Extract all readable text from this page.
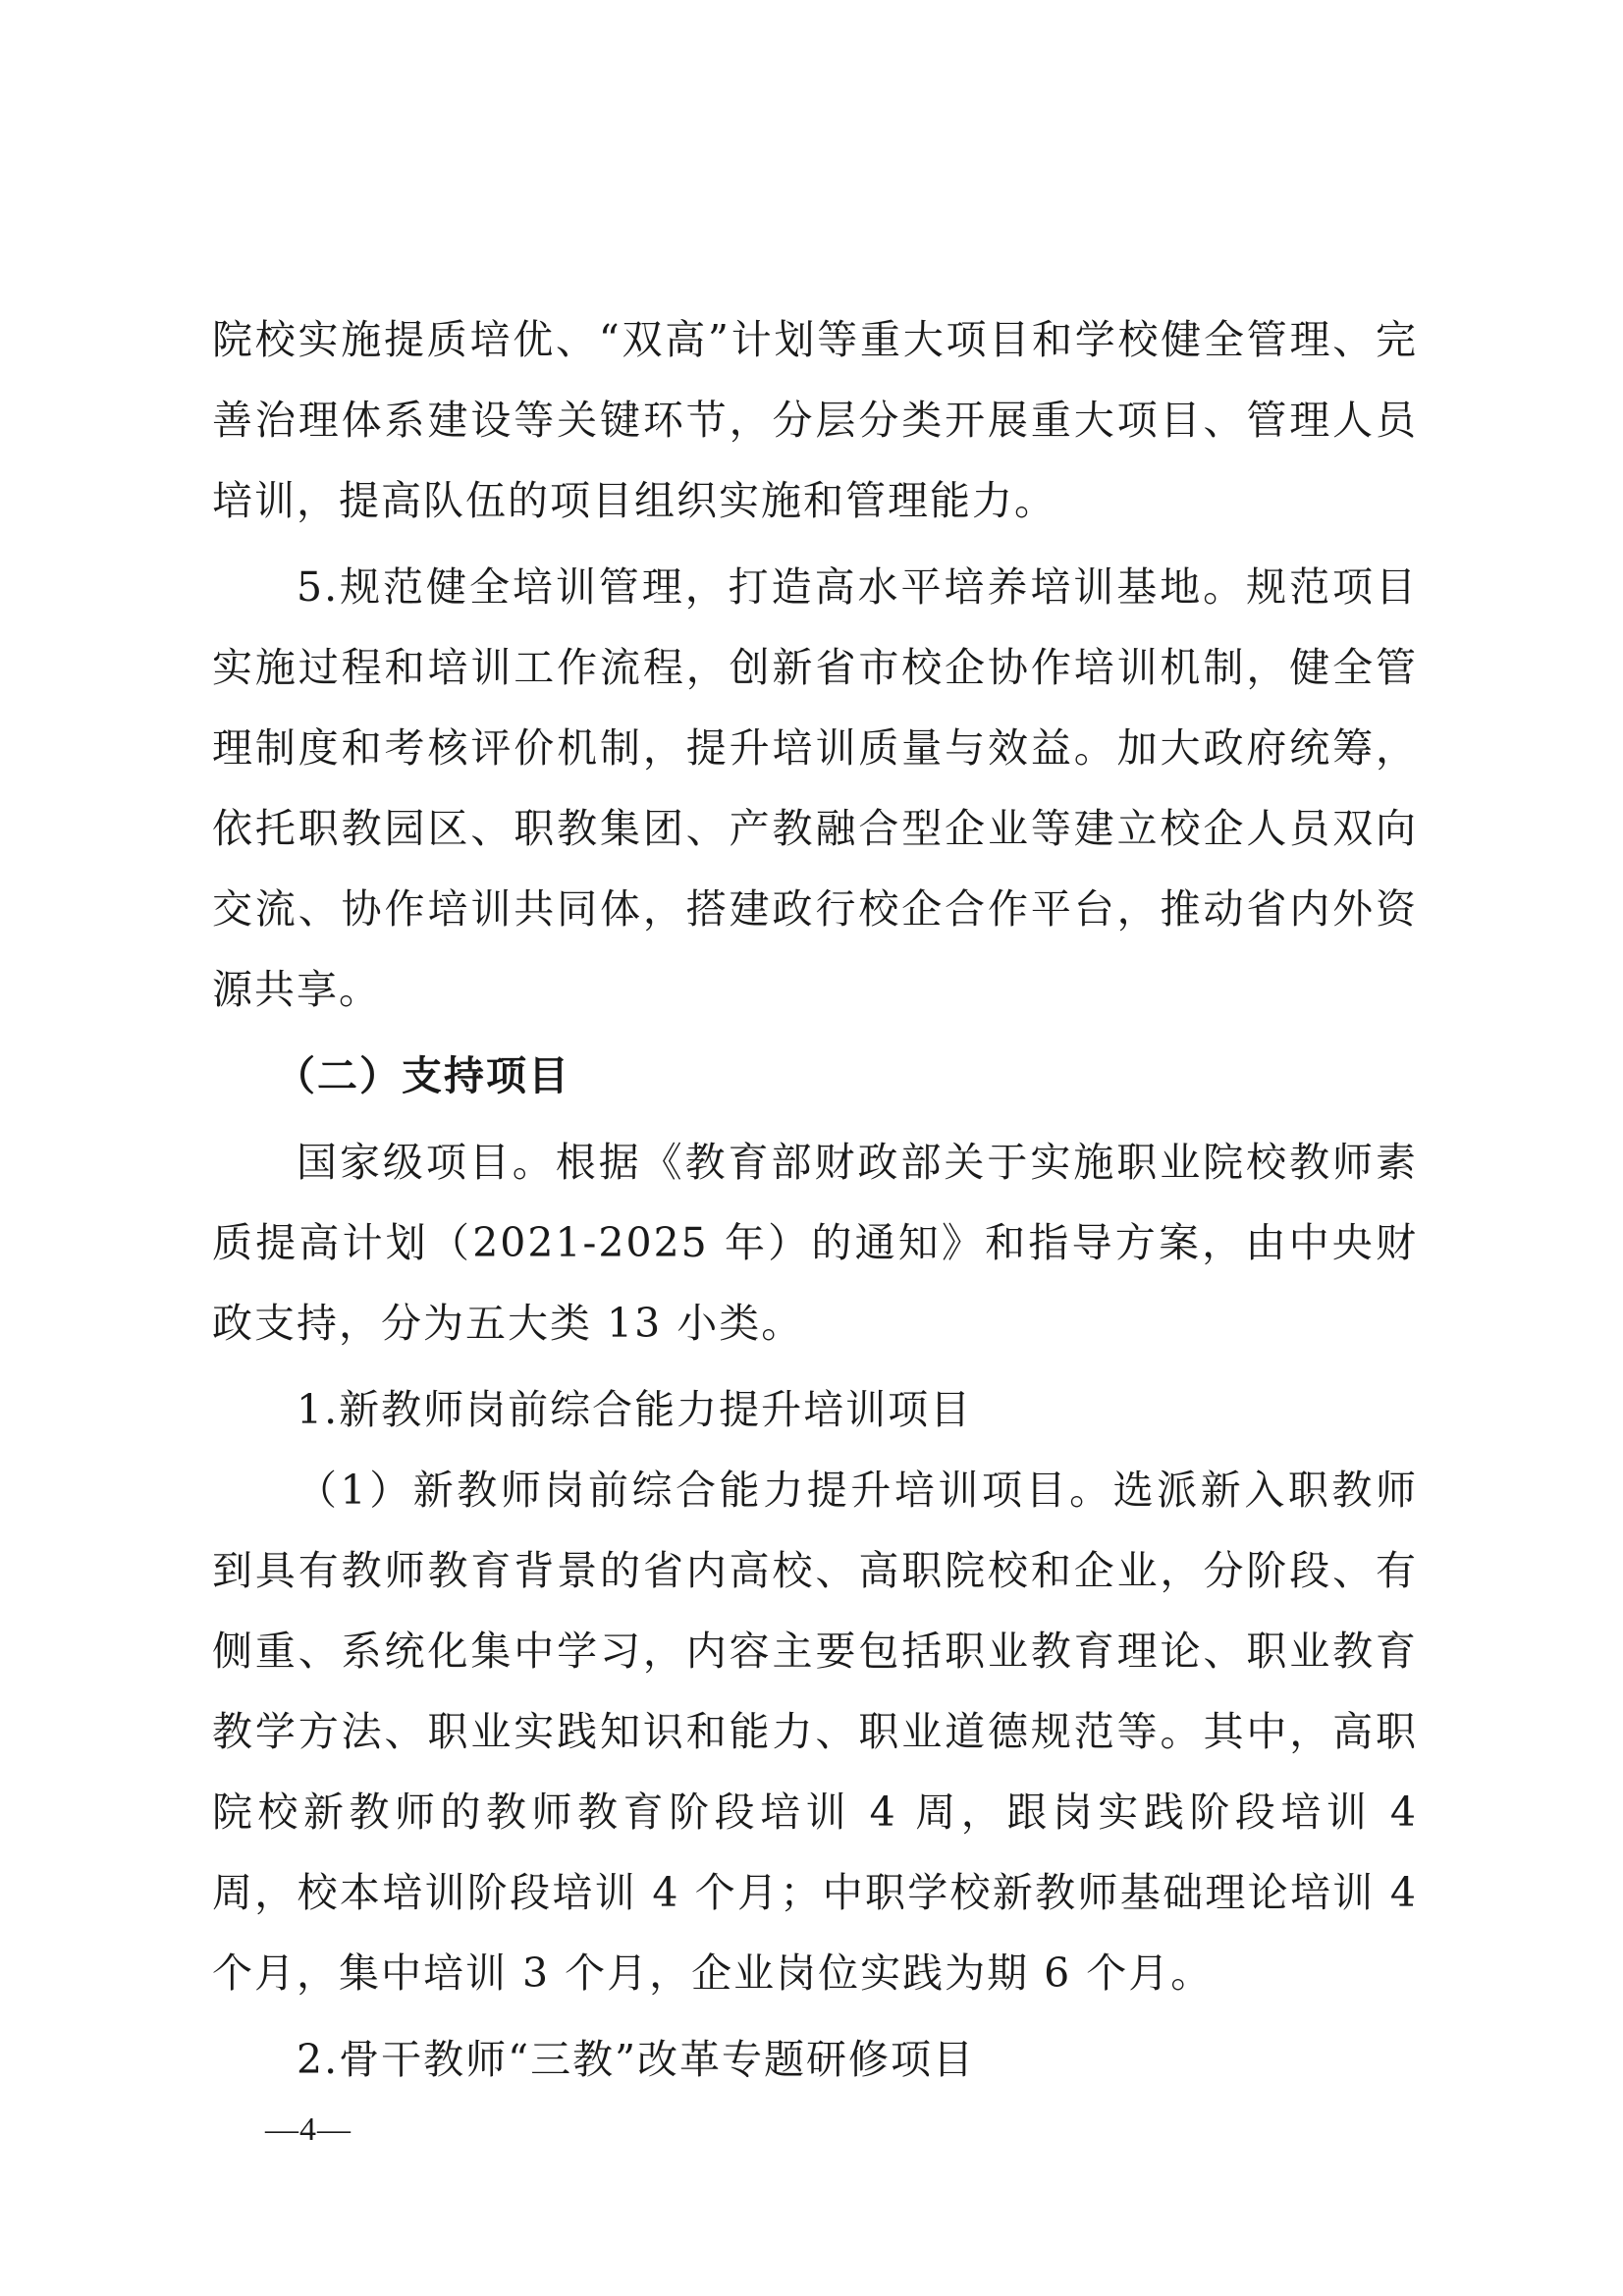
院校实施提质培优、“双高”计划等重大项目和学校健全管理、完善治理体系建设等关键环节，分层分类开展重大项目、管理人员培训，提高队伍的项目组织实施和管理能力。

5.规范健全培训管理，打造高水平培养培训基地。规范项目实施过程和培训工作流程，创新省市校企协作培训机制，健全管理制度和考核评价机制，提升培训质量与效益。加大政府统筹，依托职教园区、职教集团、产教融合型企业等建立校企人员双向交流、协作培训共同体，搭建政行校企合作平台，推动省内外资源共享。

（二）支持项目

国家级项目。根据《教育部财政部关于实施职业院校教师素质提高计划（2021-2025 年）的通知》和指导方案，由中央财政支持，分为五大类 13 小类。

1.新教师岗前综合能力提升培训项目

（1）新教师岗前综合能力提升培训项目。选派新入职教师到具有教师教育背景的省内高校、高职院校和企业，分阶段、有侧重、系统化集中学习，内容主要包括职业教育理论、职业教育教学方法、职业实践知识和能力、职业道德规范等。其中，高职院校新教师的教师教育阶段培训 4 周，跟岗实践阶段培训 4 周，校本培训阶段培训 4 个月；中职学校新教师基础理论培训 4 个月，集中培训 3 个月，企业岗位实践为期 6 个月。

2.骨干教师“三教”改革专题研修项目

—4—
